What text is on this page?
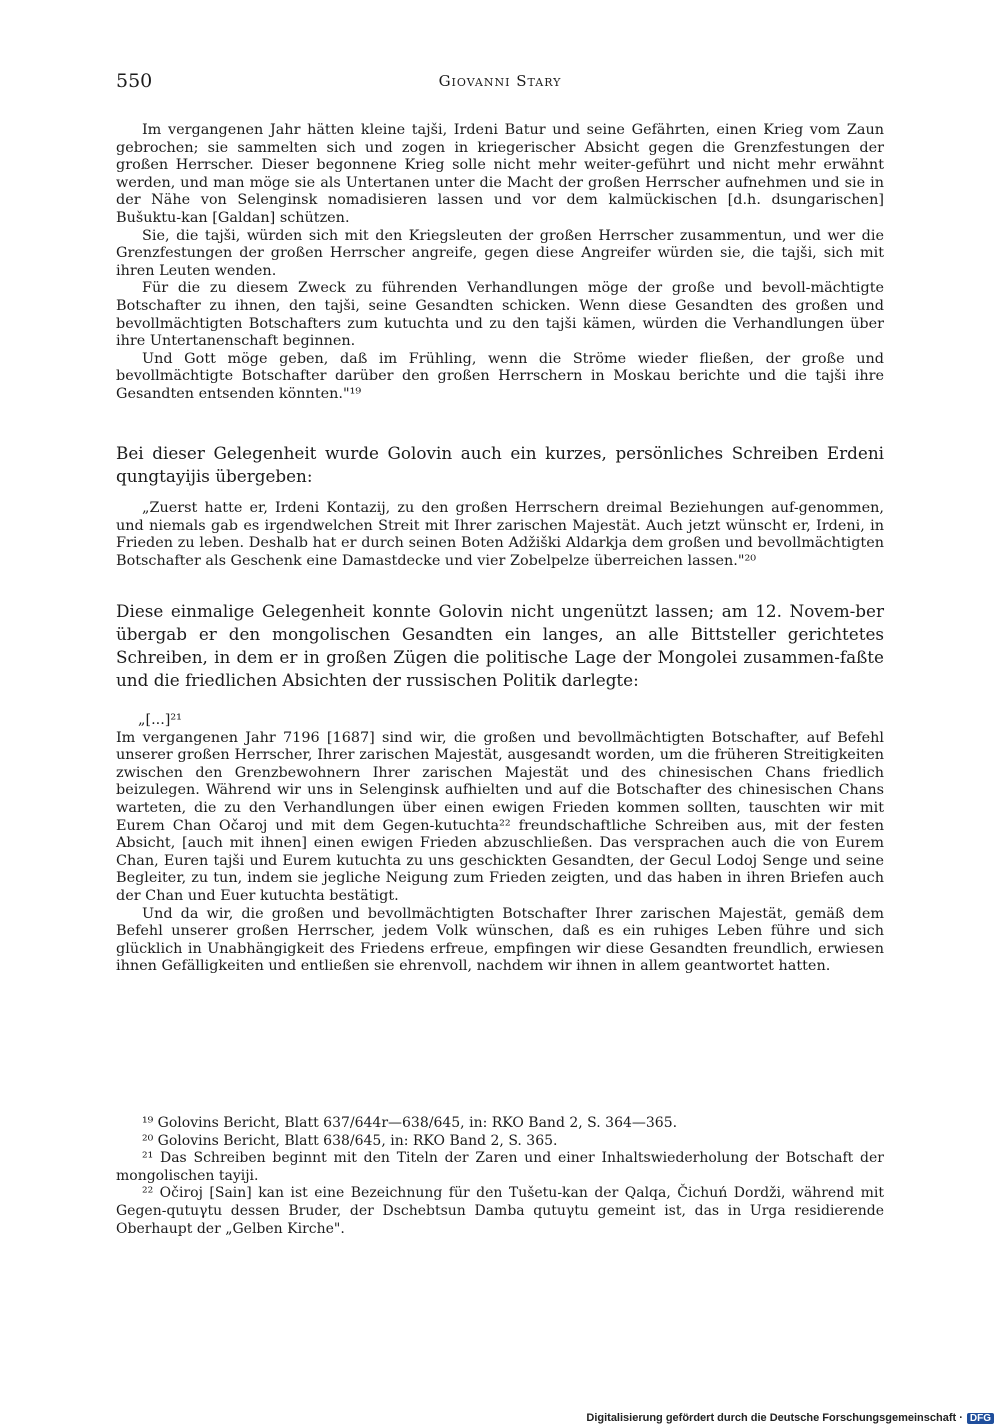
550	Giovanni Stary

Im vergangenen Jahr hätten kleine tajši, Irdeni Batur und seine Gefährten, einen Krieg vom Zaun gebrochen; sie sammelten sich und zogen in kriegerischer Absicht gegen die Grenzfestungen der großen Herrscher. Dieser begonnene Krieg solle nicht mehr weiter-geführt und nicht mehr erwähnt werden, und man möge sie als Untertanen unter die Macht der großen Herrscher aufnehmen und sie in der Nähe von Selenginsk nomadisieren lassen und vor dem kalmückischen [d.h. dsungarischen] Bušuktu-kan [Galdan] schützen.

Sie, die tajši, würden sich mit den Kriegsleuten der großen Herrscher zusammentun, und wer die Grenzfestungen der großen Herrscher angreife, gegen diese Angreifer würden sie, die tajši, sich mit ihren Leuten wenden.

Für die zu diesem Zweck zu führenden Verhandlungen möge der große und bevoll-mächtigte Botschafter zu ihnen, den tajši, seine Gesandten schicken. Wenn diese Gesandten des großen und bevollmächtigten Botschafters zum kutuchta und zu den tajši kämen, würden die Verhandlungen über ihre Untertanenschaft beginnen.

Und Gott möge geben, daß im Frühling, wenn die Ströme wieder fließen, der große und bevollmächtigte Botschafter darüber den großen Herrschern in Moskau berichte und die tajši ihre Gesandten entsenden könnten."¹⁹

Bei dieser Gelegenheit wurde Golovin auch ein kurzes, persönliches Schreiben Erdeni qungtayijis übergeben:

„Zuerst hatte er, Irdeni Kontazij, zu den großen Herrschern dreimal Beziehungen auf-genommen, und niemals gab es irgendwelchen Streit mit Ihrer zarischen Majestät. Auch jetzt wünscht er, Irdeni, in Frieden zu leben. Deshalb hat er durch seinen Boten Adžiški Aldarkja dem großen und bevollmächtigten Botschafter als Geschenk eine Damastdecke und vier Zobelpelze überreichen lassen."²⁰

Diese einmalige Gelegenheit konnte Golovin nicht ungenützt lassen; am 12. Novem-ber übergab er den mongolischen Gesandten ein langes, an alle Bittsteller gerichtetes Schreiben, in dem er in großen Zügen die politische Lage der Mongolei zusammen-faßte und die friedlichen Absichten der russischen Politik darlegte:

„[...]²¹

Im vergangenen Jahr 7196 [1687] sind wir, die großen und bevollmächtigten Botschafter, auf Befehl unserer großen Herrscher, Ihrer zarischen Majestät, ausgesandt worden, um die früheren Streitigkeiten zwischen den Grenzbewohnern Ihrer zarischen Majestät und des chinesischen Chans friedlich beizulegen. Während wir uns in Selenginsk aufhielten und auf die Botschafter des chinesischen Chans warteten, die zu den Verhandlungen über einen ewigen Frieden kommen sollten, tauschten wir mit Eurem Chan Očaroj und mit dem Gegen-kutuchta²² freundschaftliche Schreiben aus, mit der festen Absicht, [auch mit ihnen] einen ewigen Frieden abzuschließen. Das versprachen auch die von Eurem Chan, Euren tajši und Eurem kutuchta zu uns geschickten Gesandten, der Gecul Lodoj Senge und seine Begleiter, zu tun, indem sie jegliche Neigung zum Frieden zeigten, und das haben in ihren Briefen auch der Chan und Euer kutuchta bestätigt.

Und da wir, die großen und bevollmächtigten Botschafter Ihrer zarischen Majestät, gemäß dem Befehl unserer großen Herrscher, jedem Volk wünschen, daß es ein ruhiges Leben führe und sich glücklich in Unabhängigkeit des Friedens erfreue, empfingen wir diese Gesandten freundlich, erwiesen ihnen Gefälligkeiten und entließen sie ehrenvoll, nachdem wir ihnen in allem geantwortet hatten.

¹⁹ Golovins Bericht, Blatt 637/644r—638/645, in: RKO Band 2, S. 364—365.

²⁰ Golovins Bericht, Blatt 638/645, in: RKO Band 2, S. 365.

²¹ Das Schreiben beginnt mit den Titeln der Zaren und einer Inhaltswiederholung der Botschaft der mongolischen tayiji.

²² Očiroj [Sain] kan ist eine Bezeichnung für den Tušetu-kan der Qalqa, Čichuń Dordži, während mit Gegen-qutuγtu dessen Bruder, der Dschebtsun Damba qutuγtu gemeint ist, das in Urga residierende Oberhaupt der „Gelben Kirche".

Digitalisierung gefördert durch die Deutsche Forschungsgemeinschaft · DFG
